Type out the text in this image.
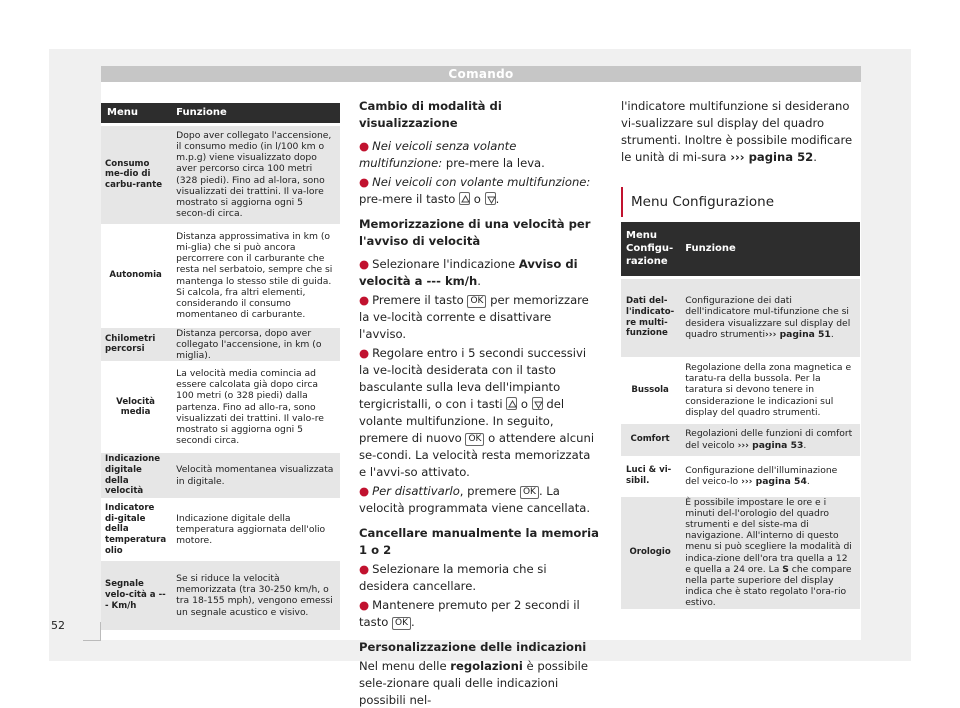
Comando
Menu	Funzione
Consumo me-dio di carbu-rante	Dopo aver collegato l'accensione, il consumo medio (in l/100 km o m.p.g) viene visualizzato dopo aver percorso circa 100 metri (328 piedi). Fino ad al-lora, sono visualizzati dei trattini. Il va-lore mostrato si aggiorna ogni 5 secon-di circa.
Autonomia	Distanza approssimativa in km (o mi-glia) che si può ancora percorrere con il carburante che resta nel serbatoio, sempre che si mantenga lo stesso stile di guida. Si calcola, fra altri elementi, considerando il consumo momentaneo di carburante.
Chilometri percorsi	Distanza percorsa, dopo aver collegato l'accensione, in km (o miglia).
Velocità media	La velocità media comincia ad essere calcolata già dopo circa 100 metri (o 328 piedi) dalla partenza. Fino ad allo-ra, sono visualizzati dei trattini. Il valo-re mostrato si aggiorna ogni 5 secondi circa.
Indicazione digitale della velocità	Velocità momentanea visualizzata in digitale.
Indicatore di-gitale della temperatura olio	Indicazione digitale della temperatura aggiornata dell'olio motore.
Segnale velo-cità a --- Km/h	Se si riduce la velocità memorizzata (tra 30-250 km/h, o tra 18-155 mph), vengono emessi un segnale acustico e visivo.

Cambio di modalità di visualizzazione

● Nei veicoli senza volante multifunzione: pre-mere la leva.

● Nei veicoli con volante multifunzione: pre-mere il tasto
o
.

Memorizzazione di una velocità per l'avviso di velocità

● Selezionare l'indicazione Avviso di velocità a --- km/h.

● Premere il tasto OK per memorizzare la ve-locità corrente e disattivare l'avviso.

● Regolare entro i 5 secondi successivi la ve-locità desiderata con il tasto basculante sulla leva dell'impianto tergicristalli, o con i tasti
o
del volante multifunzione. In seguito, premere di nuovo OK o attendere alcuni se-condi. La velocità resta memorizzata e l'avvi-so attivato.

● Per disattivarlo, premere OK . La velocità programmata viene cancellata.

Cancellare manualmente la memoria 1 o 2

● Selezionare la memoria che si desidera cancellare.

● Mantenere premuto per 2 secondi il tasto OK .

Personalizzazione delle indicazioni

Nel menu delle regolazioni è possibile sele-zionare quali delle indicazioni possibili nel-

l'indicatore multifunzione si desiderano vi-sualizzare sul display del quadro strumenti. Inoltre è possibile modificare le unità di mi-sura ››› pagina 52.

Menu Configurazione
Menu Configu-razione	Funzione
Dati del-l'indicato-re multi-funzione	Configurazione dei dati dell'indicatore mul-tifunzione che si desidera visualizzare sul display del quadro strumenti››› pagina 51.
Bussola	Regolazione della zona magnetica e taratu-ra della bussola. Per la taratura si devono tenere in considerazione le indicazioni sul display del quadro strumenti.
Comfort	Regolazioni delle funzioni di comfort del veicolo ››› pagina 53.
Luci & vi-sibil.	Configurazione dell'illuminazione del veico-lo ››› pagina 54.
Orologio	È possibile impostare le ore e i minuti del-l'orologio del quadro strumenti e del siste-ma di navigazione. All'interno di questo menu si può scegliere la modalità di indica-zione dell'ora tra quella a 12 e quella a 24 ore. La S che compare nella parte superiore del display indica che è stato regolato l'ora-rio estivo.
52
